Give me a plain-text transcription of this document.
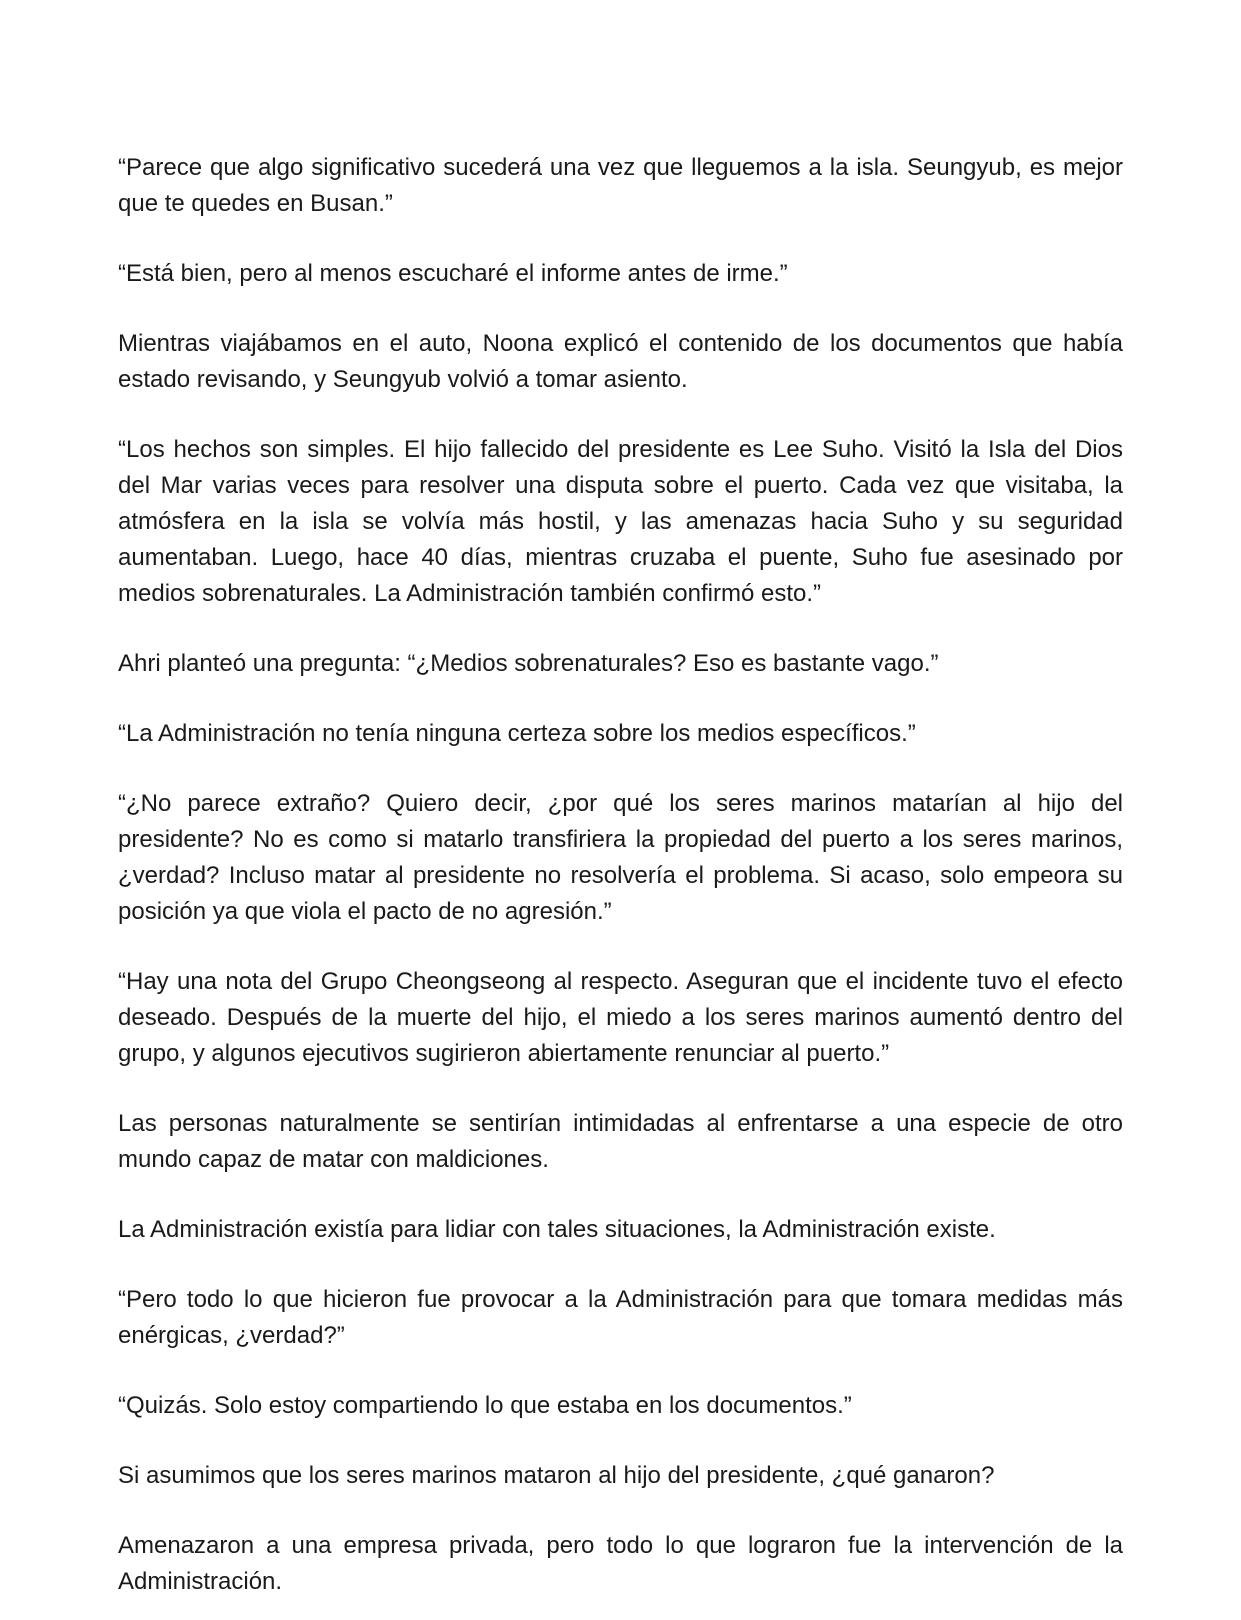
“Parece que algo significativo sucederá una vez que lleguemos a la isla. Seungyub, es mejor que te quedes en Busan.”

“Está bien, pero al menos escucharé el informe antes de irme.”

Mientras viajábamos en el auto, Noona explicó el contenido de los documentos que había estado revisando, y Seungyub volvió a tomar asiento.

“Los hechos son simples. El hijo fallecido del presidente es Lee Suho. Visitó la Isla del Dios del Mar varias veces para resolver una disputa sobre el puerto. Cada vez que visitaba, la atmósfera en la isla se volvía más hostil, y las amenazas hacia Suho y su seguridad aumentaban. Luego, hace 40 días, mientras cruzaba el puente, Suho fue asesinado por medios sobrenaturales. La Administración también confirmó esto.”

Ahri planteó una pregunta: “¿Medios sobrenaturales? Eso es bastante vago.”

“La Administración no tenía ninguna certeza sobre los medios específicos.”

“¿No parece extraño? Quiero decir, ¿por qué los seres marinos matarían al hijo del presidente? No es como si matarlo transfiriera la propiedad del puerto a los seres marinos, ¿verdad? Incluso matar al presidente no resolvería el problema. Si acaso, solo empeora su posición ya que viola el pacto de no agresión.”

“Hay una nota del Grupo Cheongseong al respecto. Aseguran que el incidente tuvo el efecto deseado. Después de la muerte del hijo, el miedo a los seres marinos aumentó dentro del grupo, y algunos ejecutivos sugirieron abiertamente renunciar al puerto.”

Las personas naturalmente se sentirían intimidadas al enfrentarse a una especie de otro mundo capaz de matar con maldiciones.

La Administración existía para lidiar con tales situaciones, la Administración existe.

“Pero todo lo que hicieron fue provocar a la Administración para que tomara medidas más enérgicas, ¿verdad?”

“Quizás. Solo estoy compartiendo lo que estaba en los documentos.”

Si asumimos que los seres marinos mataron al hijo del presidente, ¿qué ganaron?

Amenazaron a una empresa privada, pero todo lo que lograron fue la intervención de la Administración.
